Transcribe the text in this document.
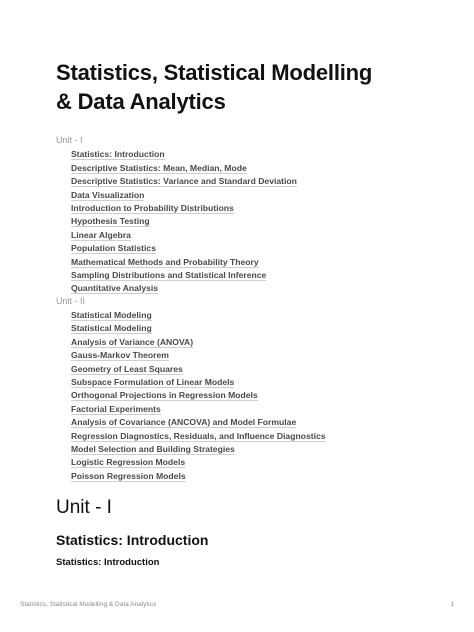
Statistics, Statistical Modelling
& Data Analytics
Unit - I
Statistics: Introduction
Descriptive Statistics: Mean, Median, Mode
Descriptive Statistics: Variance and Standard Deviation
Data Visualization
Introduction to Probability Distributions
Hypothesis Testing
Linear Algebra
Population Statistics
Mathematical Methods and Probability Theory
Sampling Distributions and Statistical Inference
Quantitative Analysis
Unit - II
Statistical Modeling
Statistical Modeling
Analysis of Variance (ANOVA)
Gauss-Markov Theorem
Geometry of Least Squares
Subspace Formulation of Linear Models
Orthogonal Projections in Regression Models
Factorial Experiments
Analysis of Covariance (ANCOVA) and Model Formulae
Regression Diagnostics, Residuals, and Influence Diagnostics
Model Selection and Building Strategies
Logistic Regression Models
Poisson Regression Models
Unit - I
Statistics: Introduction
Statistics: Introduction
Statistics, Statistical Modelling & Data Analytics	1
